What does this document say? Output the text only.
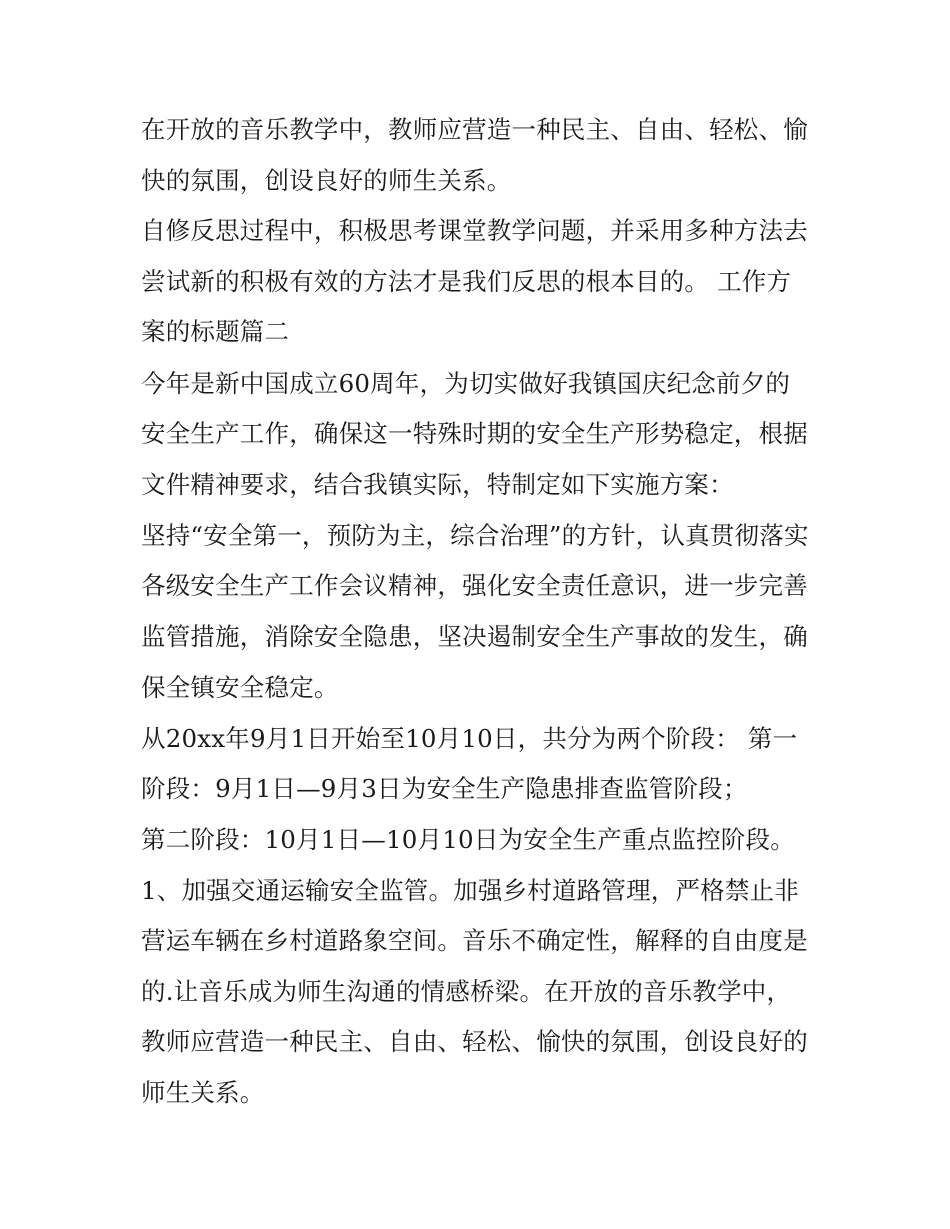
在开放的音乐教学中，教师应营造一种民主、自由、轻松、愉
快的氛围，创设良好的师生关系。
自修反思过程中，积极思考课堂教学问题，并采用多种方法去
尝试新的积极有效的方法才是我们反思的根本目的。 工作方
案的标题篇二
今年是新中国成立60周年，为切实做好我镇国庆纪念前夕的
安全生产工作，确保这一特殊时期的安全生产形势稳定，根据
文件精神要求，结合我镇实际，特制定如下实施方案：
坚持“安全第一，预防为主，综合治理”的方针，认真贯彻落实
各级安全生产工作会议精神，强化安全责任意识，进一步完善
监管措施，消除安全隐患，坚决遏制安全生产事故的发生，确
保全镇安全稳定。
从20xx年9月1日开始至10月10日，共分为两个阶段： 第一
阶段：9月1日—9月3日为安全生产隐患排查监管阶段；
第二阶段：10月1日—10月10日为安全生产重点监控阶段。
1、加强交通运输安全监管。加强乡村道路管理，严格禁止非
营运车辆在乡村道路象空间。音乐不确定性，解释的自由度是
的.让音乐成为师生沟通的情感桥梁。在开放的音乐教学中，
教师应营造一种民主、自由、轻松、愉快的氛围，创设良好的
师生关系。
